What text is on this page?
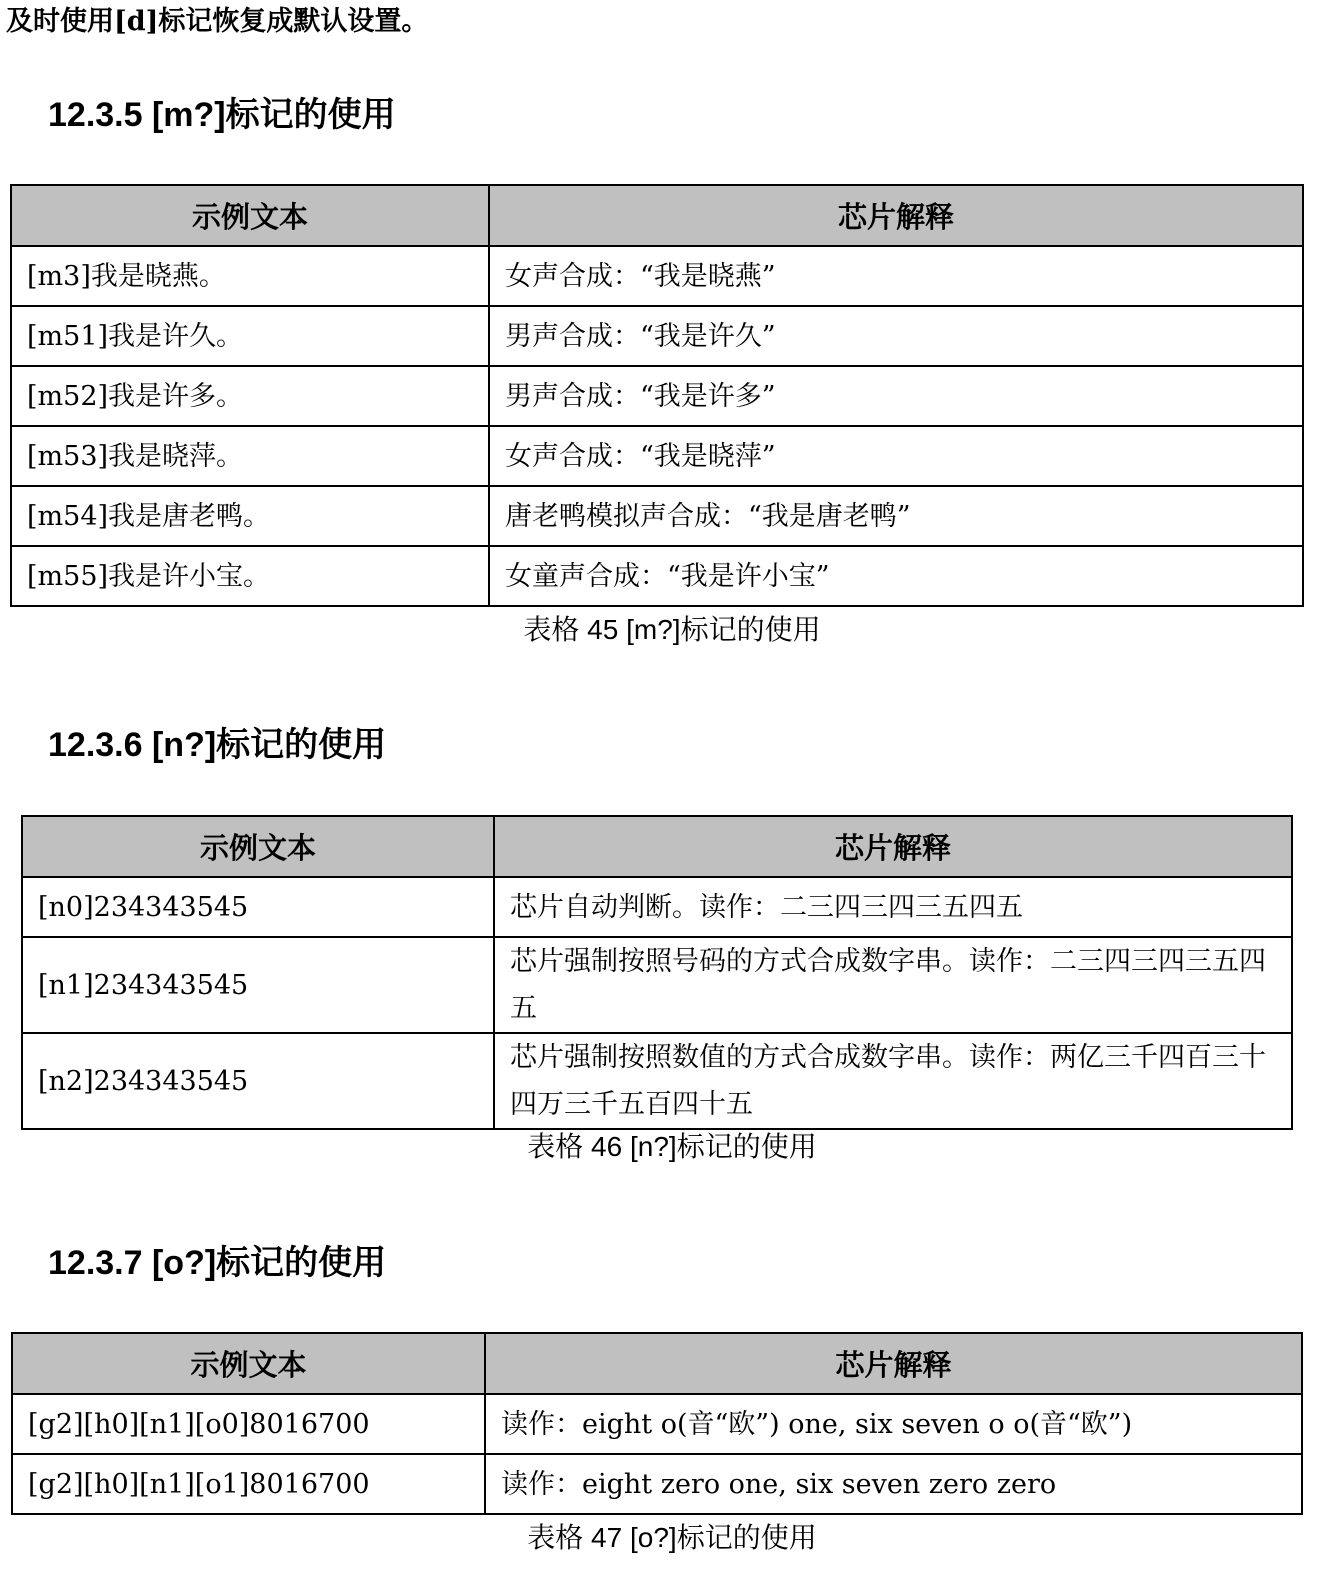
及时使用[d]标记恢复成默认设置。
12.3.5 [m?]标记的使用
示例文本	芯片解释
[m3]我是晓燕。	女声合成：“我是晓燕”
[m51]我是许久。	男声合成：“我是许久”
[m52]我是许多。	男声合成：“我是许多”
[m53]我是晓萍。	女声合成：“我是晓萍”
[m54]我是唐老鸭。	唐老鸭模拟声合成：“我是唐老鸭”
[m55]我是许小宝。	女童声合成：“我是许小宝”
表格 45 [m?]标记的使用
12.3.6 [n?]标记的使用
示例文本	芯片解释
[n0]234343545	芯片自动判断。读作：二三四三四三五四五
[n1]234343545	芯片强制按照号码的方式合成数字串。读作：二三四三四三五四五
[n2]234343545	芯片强制按照数值的方式合成数字串。读作：两亿三千四百三十四万三千五百四十五
表格 46 [n?]标记的使用
12.3.7 [o?]标记的使用
示例文本	芯片解释
[g2][h0][n1][o0]8016700	读作：eight o(音“欧”) one, six seven o o(音“欧”)
[g2][h0][n1][o1]8016700	读作：eight zero one, six seven zero zero
表格 47 [o?]标记的使用
